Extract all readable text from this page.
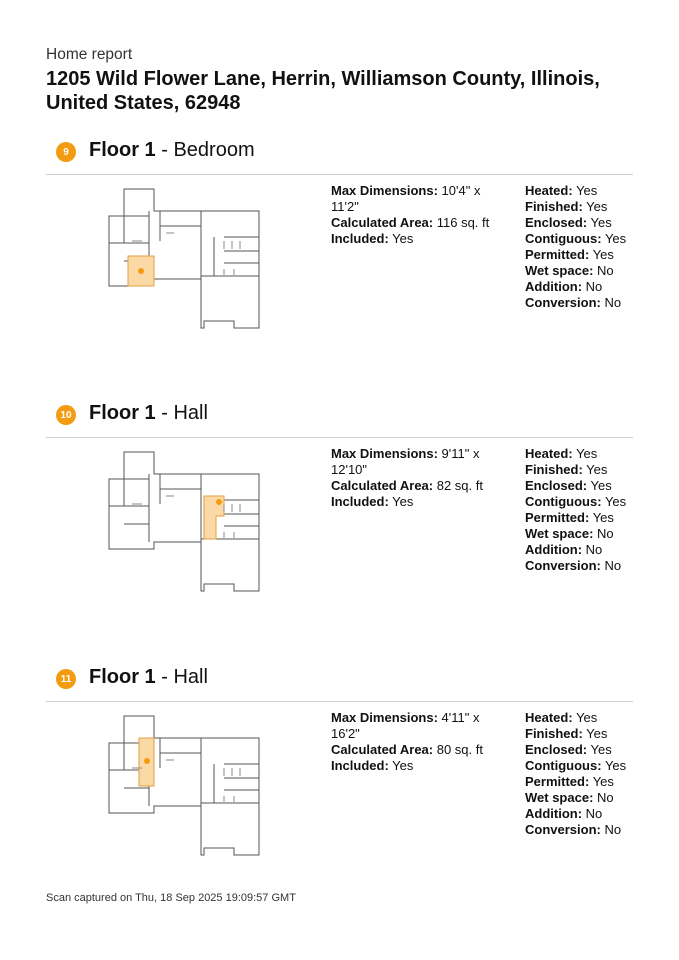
Home report
1205 Wild Flower Lane, Herrin, Williamson County, Illinois, United States, 62948
9	Floor 1 - Bedroom
Max Dimensions: 10'4" x 11'2"
Calculated Area: 116 sq. ft
Included: Yes
Heated: Yes
Finished: Yes
Enclosed: Yes
Contiguous: Yes
Permitted: Yes
Wet space: No
Addition: No
Conversion: No
10 Floor 1 - Hall
Max Dimensions: 9'11" x 12'10"
Calculated Area: 82 sq. ft
Included: Yes
Heated: Yes
Finished: Yes
Enclosed: Yes
Contiguous: Yes
Permitted: Yes
Wet space: No
Addition: No
Conversion: No
11 Floor 1 - Hall
Max Dimensions: 4'11" x 16'2"
Calculated Area: 80 sq. ft
Included: Yes
Heated: Yes
Finished: Yes
Enclosed: Yes
Contiguous: Yes
Permitted: Yes
Wet space: No
Addition: No
Conversion: No
Scan captured on Thu, 18 Sep 2025 19:09:57 GMT
